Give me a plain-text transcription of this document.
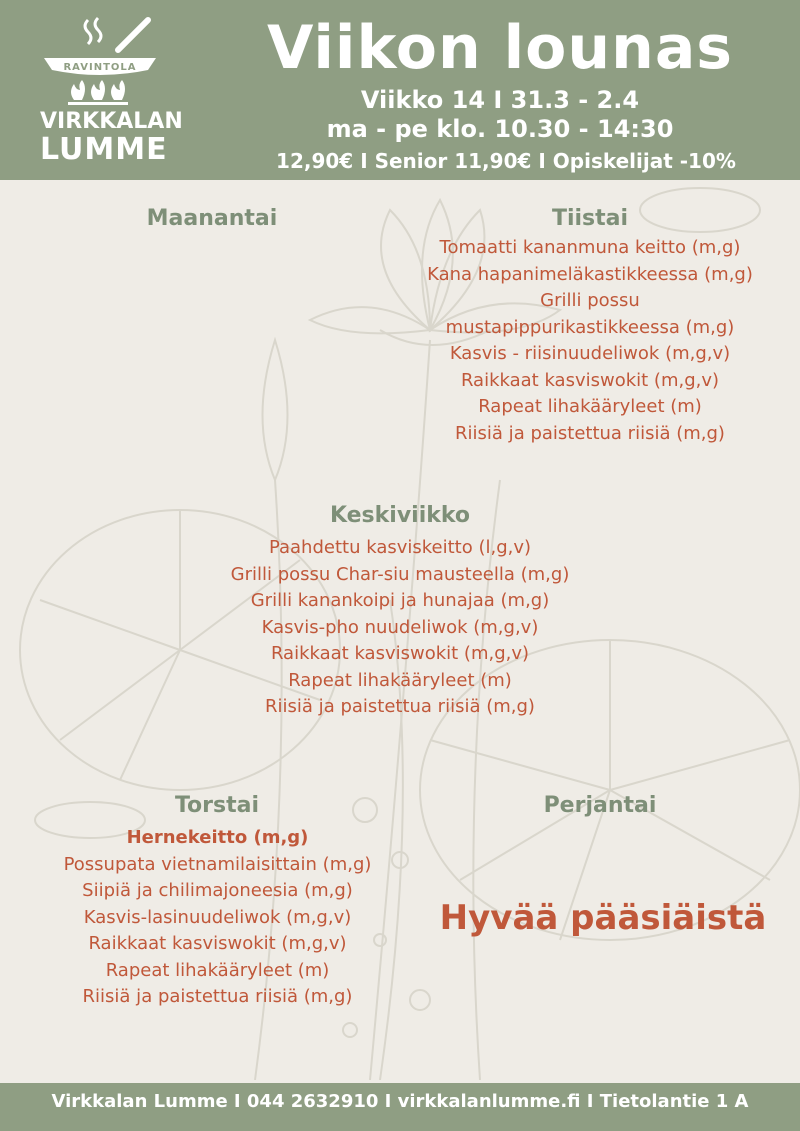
RAVINTOLA
VIRKKALAN
LUMME
Viikon lounas
Viikko 14 I 31.3 - 2.4
ma - pe klo. 10.30 - 14:30
12,90€ I Senior 11,90€ I Opiskelijat -10%
Maanantai	Tiistai
Tomaatti kananmuna keitto (m,g)
Kana hapanimeläkastikkeessa (m,g)
Grilli possu
mustapippurikastikkeessa (m,g)
Kasvis - riisinuudeliwok (m,g,v)
Raikkaat kasviswokit (m,g,v)
Rapeat lihakääryleet (m)
Riisiä ja paistettua riisiä (m,g)
Keskiviikko
Paahdettu kasviskeitto (l,g,v)
Grilli possu Char-siu mausteella (m,g)
Grilli kanankoipi ja hunajaa (m,g)
Kasvis-pho nuudeliwok (m,g,v)
Raikkaat kasviswokit (m,g,v)
Rapeat lihakääryleet (m)
Riisiä ja paistettua riisiä (m,g)
Torstai
Hernekeitto (m,g)
Possupata vietnamilaisittain (m,g)
Siipiä ja chilimajoneesia (m,g)
Kasvis-lasinuudeliwok (m,g,v)
Raikkaat kasviswokit (m,g,v)
Rapeat lihakääryleet (m)
Riisiä ja paistettua riisiä (m,g)
Perjantai
Hyvää pääsiäistä
Virkkalan Lumme I 044 2632910 I virkkalanlumme.fi I Tietolantie 1 A
